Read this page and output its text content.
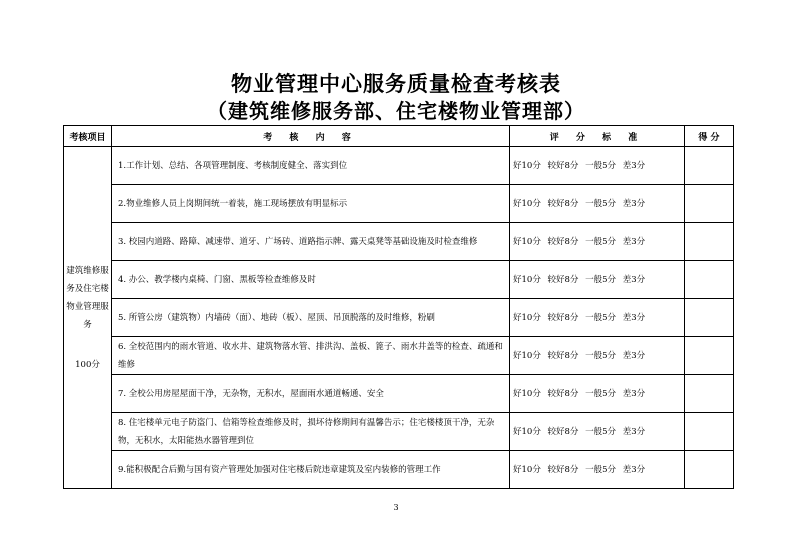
物业管理中心服务质量检查考核表
（建筑维修服务部、住宅楼物业管理部）
考核项目	考 核 内 容	评 分 标 准	得 分

建筑维修服务及住宅楼物业管理服务
100分	1.工作计划、总结、各项管理制度、考核制度健全、落实到位	好10分 较好8分 一般5分 差3分	
	2.物业维修人员上岗期间统一着装，施工现场摆放有明显标示	好10分 较好8分 一般5分 差3分	
	3. 校园内道路、路障、减速带、道牙、广场砖、道路指示牌、露天桌凳等基础设施及时检查维修	好10分 较好8分 一般5分 差3分	
	4. 办公、教学楼内桌椅、门窗、黑板等检查维修及时	好10分 较好8分 一般5分 差3分	
	5. 所管公房（建筑物）内墙砖（面）、地砖（板）、屋顶、吊顶脱落的及时维修，粉刷	好10分 较好8分 一般5分 差3分	
	6. 全校范围内的雨水管道、收水井、建筑物落水管、排洪沟、盖板、篦子、雨水井盖等的检查、疏通和维修	好10分 较好8分 一般5分 差3分	
	7. 全校公用房屋屋面干净，无杂物，无积水，屋面雨水通道畅通、安全	好10分 较好8分 一般5分 差3分	
	8. 住宅楼单元电子防盗门、信箱等检查维修及时，损坏待修期间有温馨告示；住宅楼楼顶干净，无杂物，无积水，太阳能热水器管理到位	好10分 较好8分 一般5分 差3分	
	9.能积极配合后勤与国有资产管理处加强对住宅楼后院违章建筑及室内装修的管理工作	好10分 较好8分 一般5分 差3分	
3
